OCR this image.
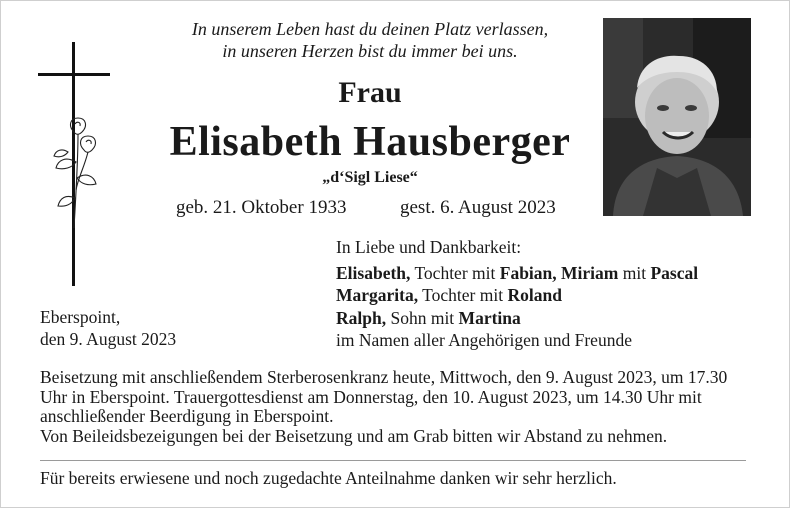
In unserem Leben hast du deinen Platz verlassen,
in unseren Herzen bist du immer bei uns.
Frau
Elisabeth Hausberger
„d‘Sigl Liese“
geb. 21. Oktober 1933	gest. 6. August 2023
In Liebe und Dankbarkeit:
Elisabeth, Tochter mit Fabian, Miriam mit Pascal
Margarita, Tochter mit Roland
Ralph, Sohn mit Martina
im Namen aller Angehörigen und Freunde
Eberspoint,
den 9. August 2023

Beisetzung mit anschließendem Sterberosenkranz heute, Mittwoch, den 9. August 2023, um 17.30 Uhr in Eberspoint. Trauergottesdienst am Donnerstag, den 10. August 2023, um 14.30 Uhr mit anschließender Beerdigung in Eberspoint.

Von Beileidsbezeigungen bei der Beisetzung und am Grab bitten wir Abstand zu nehmen.

Für bereits erwiesene und noch zugedachte Anteilnahme danken wir sehr herzlich.
